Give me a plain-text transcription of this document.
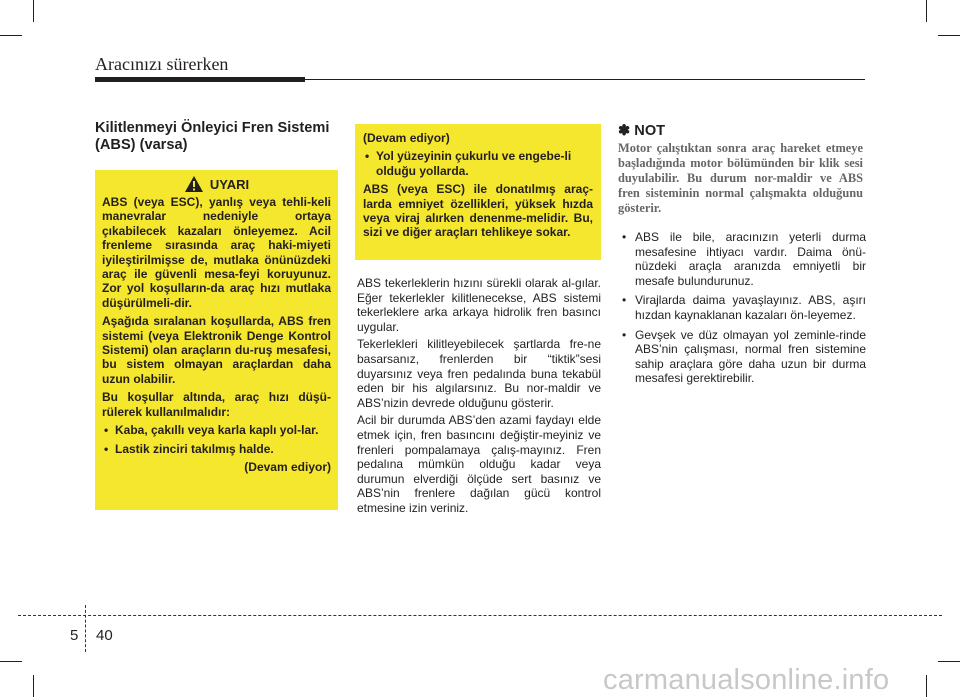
Aracınızı sürerken
Kilitlenmeyi Önleyici Fren Sistemi
(ABS) (varsa)
UYARI

ABS (veya ESC), yanlış veya tehli-keli manevralar nedeniyle ortaya çıkabilecek kazaları önleyemez. Acil frenleme sırasında araç haki-miyeti iyileştirilmişse de, mutlaka önünüzdeki araç ile güvenli mesa-feyi koruyunuz. Zor yol koşulların-da araç hızı mutlaka düşürülmeli-dir.

Aşağıda sıralanan koşullarda, ABS fren sistemi (veya Elektronik Denge Kontrol Sistemi) olan araçların du-ruş mesafesi, bu sistem olmayan araçlardan daha uzun olabilir.

Bu koşullar altında, araç hızı düşü-rülerek kullanılmalıdır:

• Kaba, çakıllı veya karla kaplı yol-lar.
• Lastik zinciri takılmış halde.

(Devam ediyor)

(Devam ediyor)

• Yol yüzeyinin çukurlu ve engebe-li olduğu yollarda.

ABS (veya ESC) ile donatılmış araç-larda emniyet özellikleri, yüksek hızda veya viraj alırken denenme-melidir. Bu, sizi ve diğer araçları tehlikeye sokar.

ABS tekerleklerin hızını sürekli olarak al-gılar. Eğer tekerlekler kilitlenecekse, ABS sistemi tekerleklere arka arkaya hidrolik fren basıncı uygular.

Tekerlekleri kilitleyebilecek şartlarda fre-ne basarsanız, frenlerden bir “tiktik”sesi duyarsınız veya fren pedalında buna tekabül eden bir his algılarsınız. Bu nor-maldir ve ABS’nizin devrede olduğunu gösterir.

Acil bir durumda ABS’den azami faydayı elde etmek için, fren basıncını değiştir-meyiniz ve frenleri pompalamaya çalış-mayınız. Fren pedalına mümkün olduğu kadar veya durumun elverdiği ölçüde sert basınız ve ABS’nin frenlere dağılan gücü kontrol etmesine izin veriniz.

✽ NOT

Motor çalıştıktan sonra araç hareket etmeye başladığında motor bölümünden bir klik sesi duyulabilir. Bu durum nor-maldir ve ABS fren sisteminin normal çalışmakta olduğunu gösterir.

• ABS ile bile, aracınızın yeterli durma mesafesine ihtiyacı vardır. Daima önü-nüzdeki araçla aranızda emniyetli bir mesafe bulundurunuz.
• Virajlarda daima yavaşlayınız. ABS, aşırı hızdan kaynaklanan kazaları ön-leyemez.
• Gevşek ve düz olmayan yol zeminle-rinde ABS’nin çalışması, normal fren sistemine sahip araçlara göre daha uzun bir durma mesafesi gerektirebilir.
5 40
carmanualsonline.info
